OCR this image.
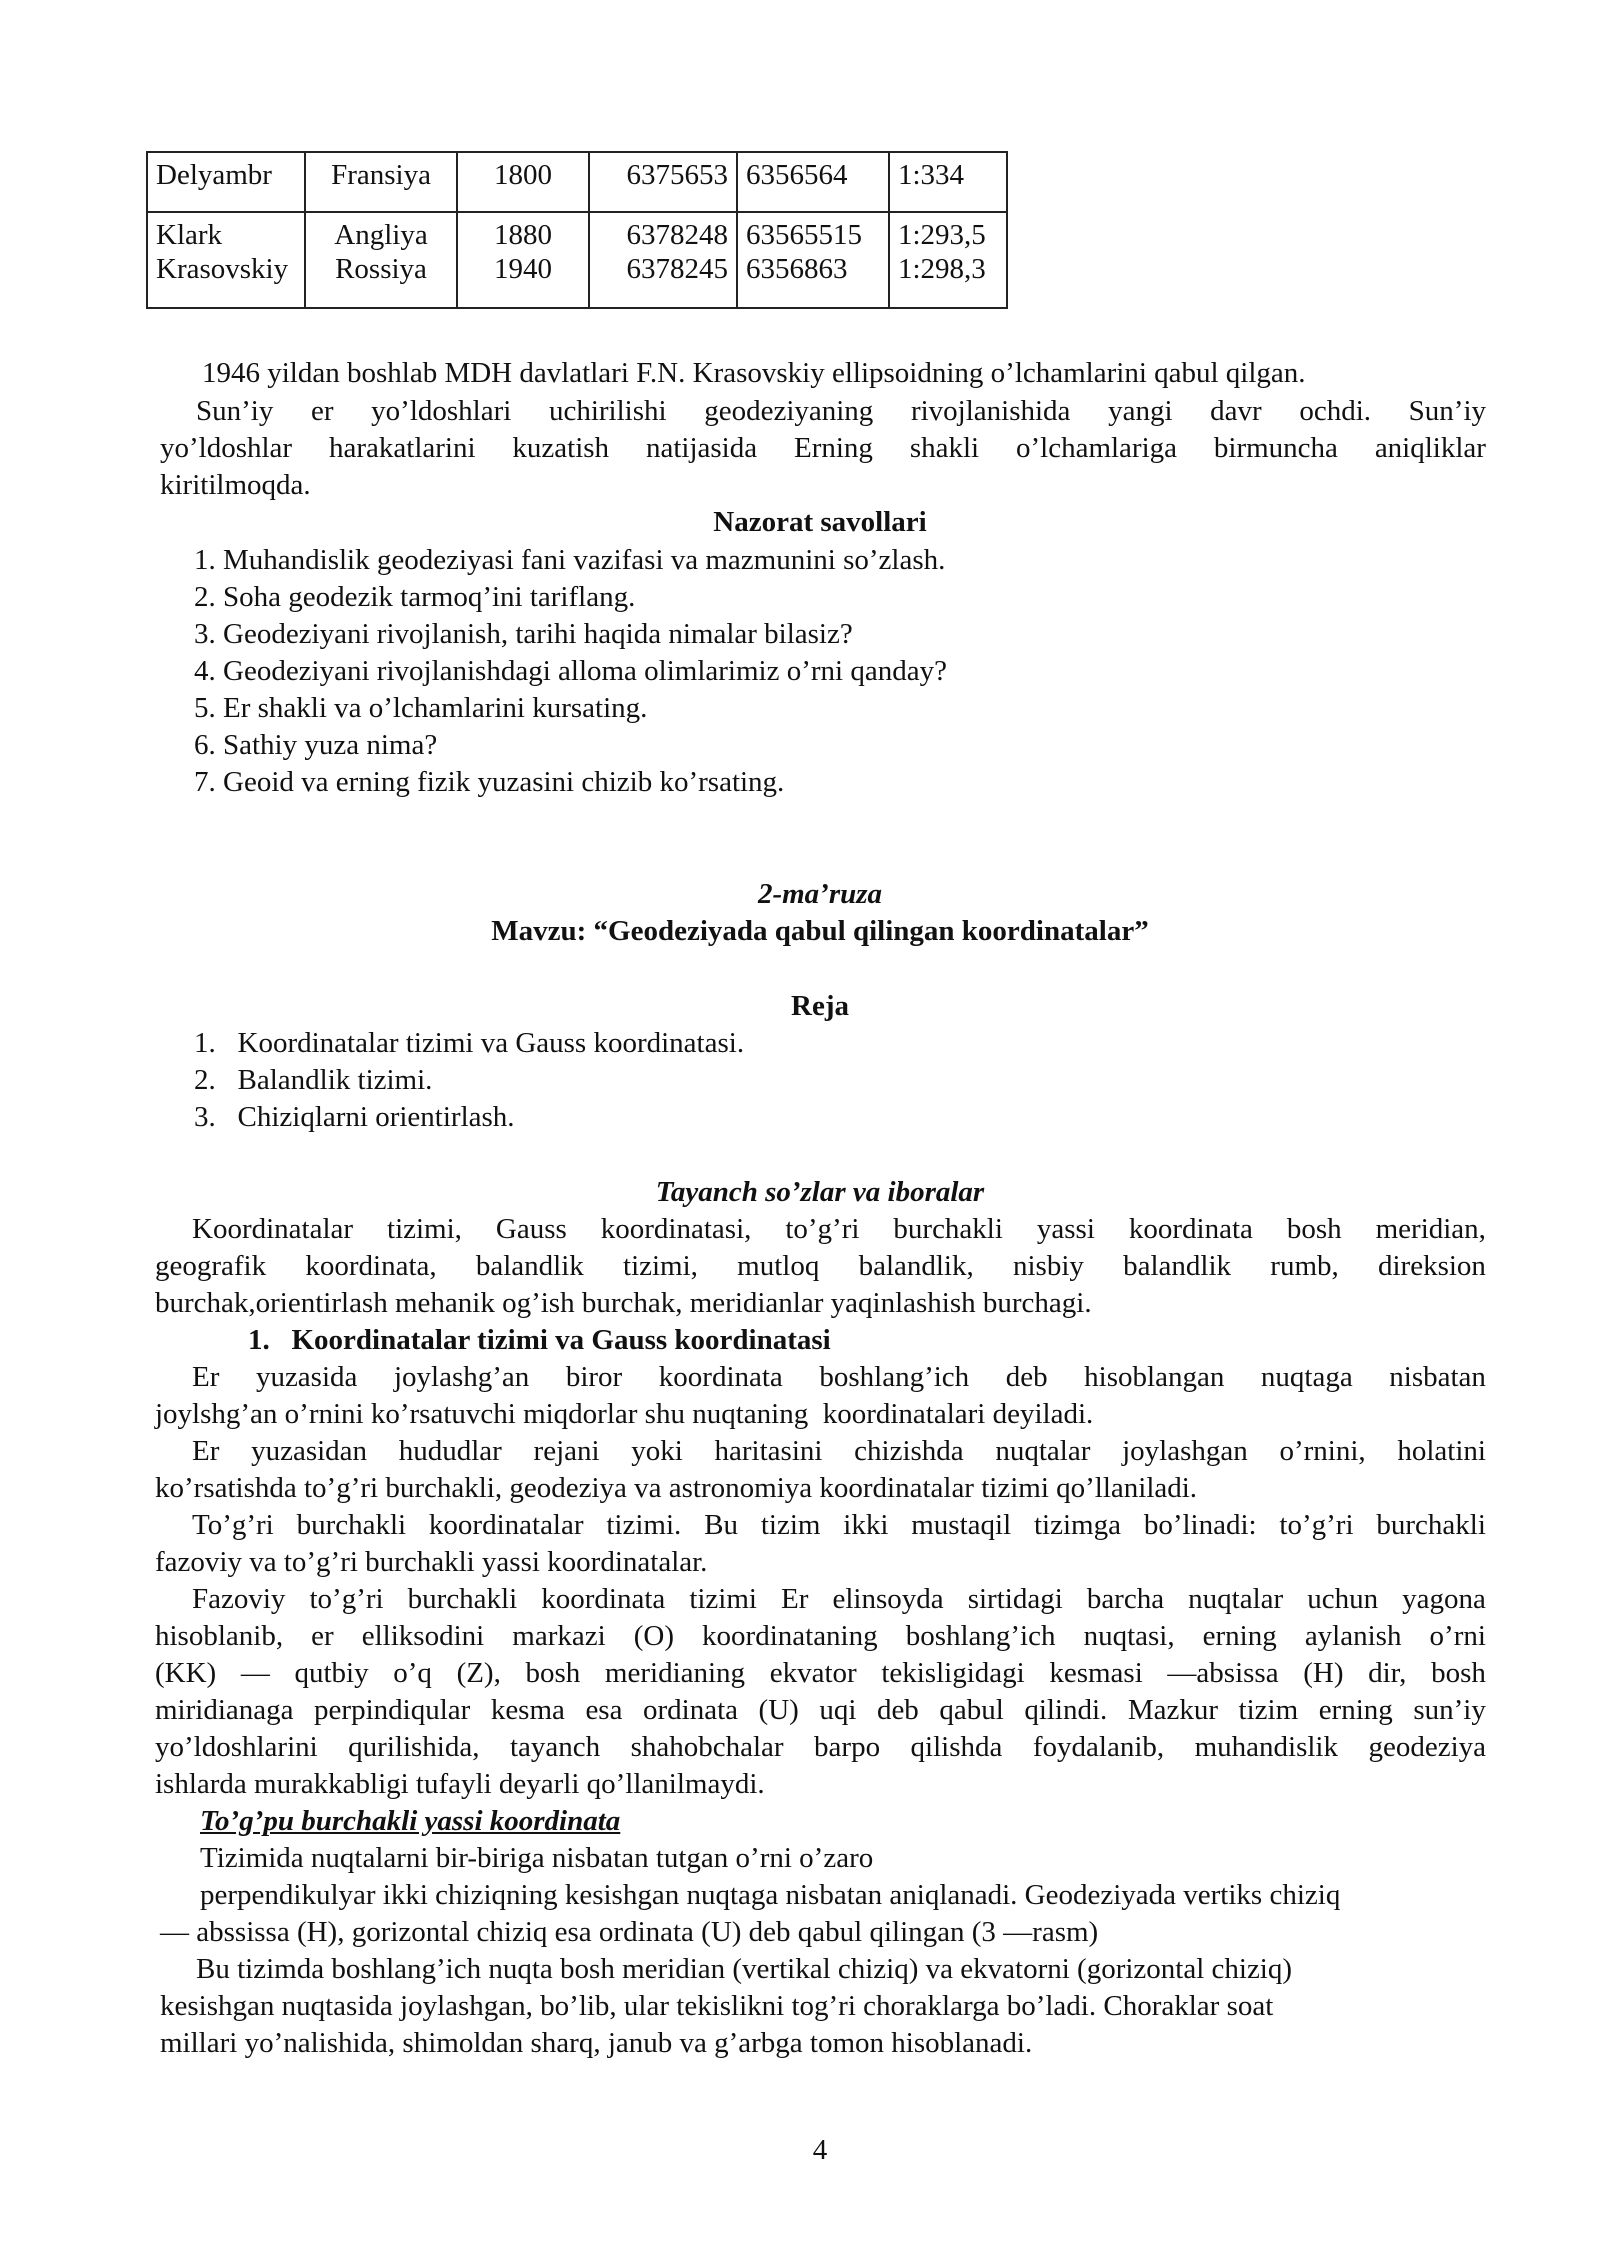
Delyambr	Fransiya	1800	6375653	6356564	1:334
Klark	Angliya	1880	6378248	63565515	1:293,5
Krasovskiy	Rossiya	1940	6378245	6356863	1:298,3

1946 yildan boshlab MDH davlatlari F.N. Krasovskiy ellipsoidning o’lchamlarini qabul qilgan.

Sun’iy er yo’ldoshlari uchirilishi geodeziyaning rivojlanishida yangi davr ochdi. Sun’iy
yo’ldoshlar harakatlarini kuzatish natijasida Erning shakli o’lchamlariga birmuncha aniqliklar

kiritilmoqda.

Nazorat savollari

1. Muhandislik geodeziyasi fani vazifasi va mazmunini so’zlash.

2. Soha geodezik tarmoq’ini tariflang.

3. Geodeziyani rivojlanish, tarihi haqida nimalar bilasiz?

4. Geodeziyani rivojlanishdagi alloma olimlarimiz o’rni qanday?

5. Er shakli va o’lchamlarini kursating.

6. Sathiy yuza nima?

7. Geoid va erning fizik yuzasini chizib ko’rsating.

2-ma’ruza

Mavzu: “Geodeziyada qabul qilingan koordinatalar”

Reja

1.   Koordinatalar tizimi va Gauss koordinatasi.

2.   Balandlik tizimi.

3.   Chiziqlarni orientirlash.

Tayanch so’zlar va iboralar

Koordinatalar tizimi, Gauss koordinatasi, to’g’ri burchakli yassi koordinata bosh meridian,
geografik koordinata, balandlik tizimi, mutloq balandlik, nisbiy balandlik rumb, direksion

burchak,orientirlash mehanik og’ish burchak, meridianlar yaqinlashish burchagi.

1.   Koordinatalar tizimi va Gauss koordinatasi

Er yuzasida joylashg’an biror koordinata boshlang’ich deb hisoblangan nuqtaga nisbatan

joylshg’an o’rnini ko’rsatuvchi miqdorlar shu nuqtaning  koordinatalari deyiladi.

Er yuzasidan hududlar rejani yoki haritasini chizishda nuqtalar joylashgan o’rnini, holatini

ko’rsatishda to’g’ri burchakli, geodeziya va astronomiya koordinatalar tizimi qo’llaniladi.

To’g’ri burchakli koordinatalar tizimi. Bu tizim ikki mustaqil tizimga bo’linadi: to’g’ri burchakli

fazoviy va to’g’ri burchakli yassi koordinatalar.

Fazoviy to’g’ri burchakli koordinata tizimi Er elinsoyda sirtidagi barcha nuqtalar uchun yagona
hisoblanib, er elliksodini markazi (O) koordinataning boshlang’ich nuqtasi, erning aylanish o’rni
(KK) — qutbiy o’q (Z), bosh meridianing ekvator tekisligidagi kesmasi —absissa (H) dir, bosh
miridianaga perpindiqular kesma esa ordinata (U) uqi deb qabul qilindi. Mazkur tizim erning sun’iy
yo’ldoshlarini qurilishida, tayanch shahobchalar barpo qilishda foydalanib, muhandislik geodeziya

ishlarda murakkabligi tufayli deyarli qo’llanilmaydi.

To’g’pu burchakli yassi koordinata

Tizimida nuqtalarni bir-biriga nisbatan tutgan o’rni o’zaro

perpendikulyar ikki chiziqning kesishgan nuqtaga nisbatan aniqlanadi. Geodeziyada vertiks chiziq

— abssissa (H), gorizontal chiziq esa ordinata (U) deb qabul qilingan (3 —rasm)

Bu tizimda boshlang’ich nuqta bosh meridian (vertikal chiziq) va ekvatorni (gorizontal chiziq)

kesishgan nuqtasida joylashgan, bo’lib, ular tekislikni tog’ri choraklarga bo’ladi. Choraklar soat

millari yo’nalishida, shimoldan sharq, janub va g’arbga tomon hisoblanadi.

4
